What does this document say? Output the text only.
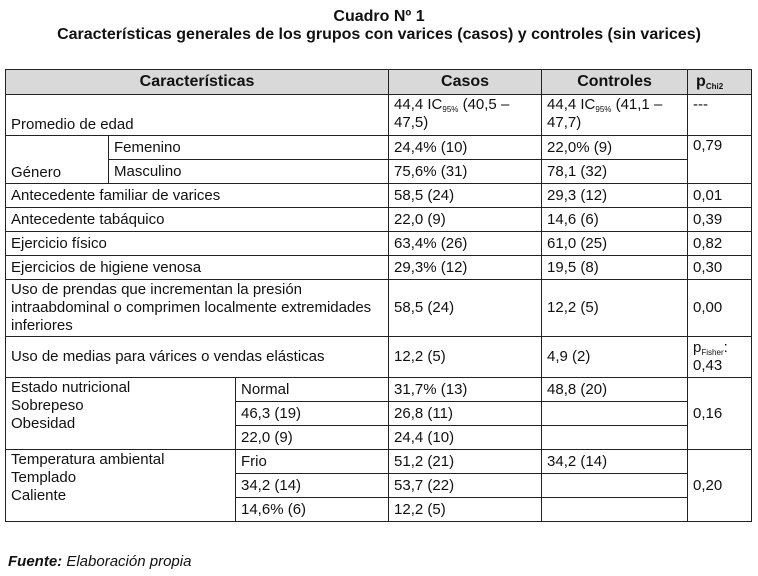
Cuadro Nº 1
Características generales de los grupos con varices (casos) y controles (sin varices)
Características			Casos	Controles	$p_{Chi2}$
Promedio de edad			44,4 $IC_{95\%}$ (40,5 – 47,5)	44,4 $IC_{95\%}$ (41,1 – 47,7)	---
Género	Femenino		24,4% (10)	22,0% (9)	0,79
	Masculino		75,6% (31)	78,1 (32)	
Antecedente familiar de varices			58,5 (24)	29,3 (12)	0,01
Antecedente tabáquico			22,0 (9)	14,6 (6)	0,39
Ejercicio físico			63,4% (26)	61,0 (25)	0,82
Ejercicios de higiene venosa			29,3% (12)	19,5 (8)	0,30
Uso de prendas que incrementan la presión intraabdominal o comprimen localmente extremidades inferiores			58,5 (24)	12,2 (5)	0,00
Uso de medias para várices o vendas elásticas			12,2 (5)	4,9 (2)	$p_{Fisher}$: 0,43

Estado nutricional
Sobrepeso
Obesidad		Normal	31,7% (13)	48,8 (20)	0,16
		46,3 (19)	26,8 (11)		
		22,0 (9)	24,4 (10)		

Temperatura ambiental
Templado
Caliente		Frio	51,2 (21)	34,2 (14)	0,20
		34,2 (14)	53,7 (22)		
		14,6% (6)	12,2 (5)		
Fuente: Elaboración propia
